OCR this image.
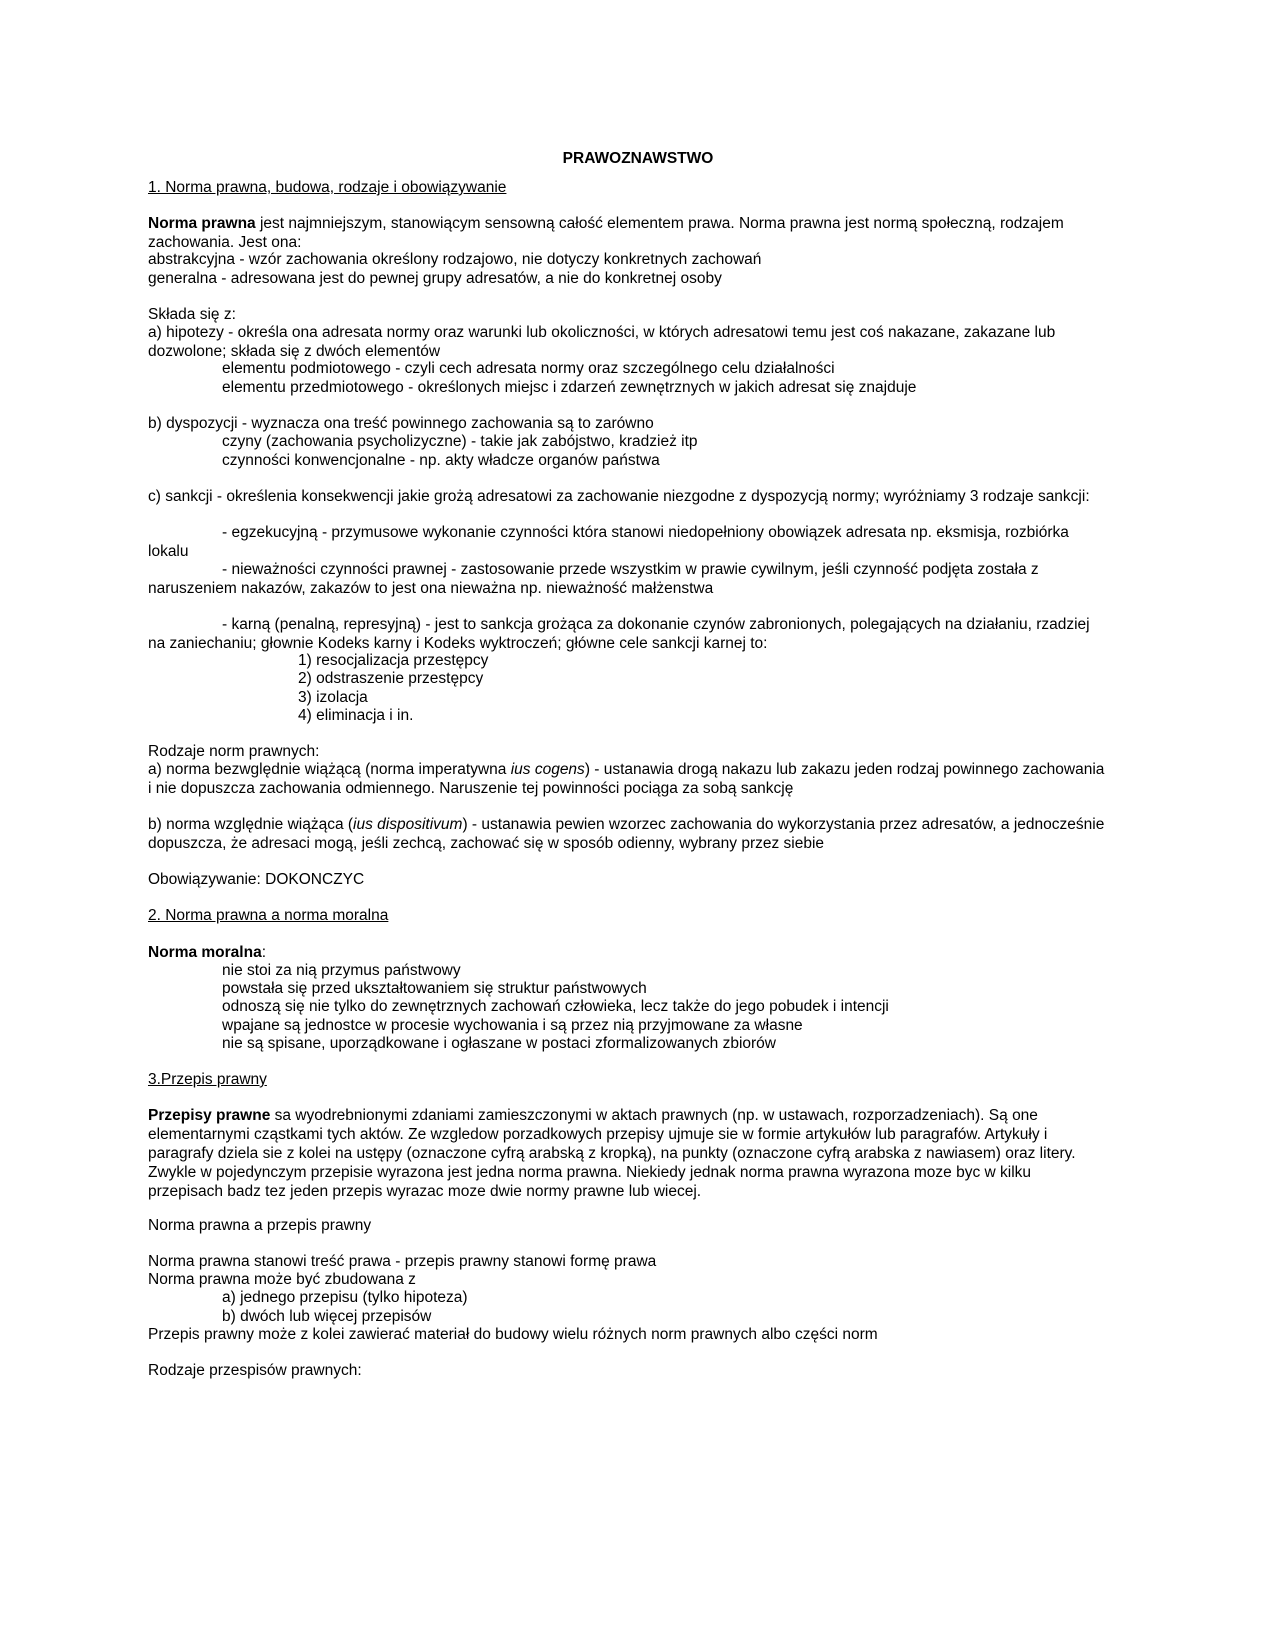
PRAWOZNAWSTWO
1. Norma prawna, budowa, rodzaje i obowiązywanie
Norma prawna jest najmniejszym, stanowiącym sensowną całość elementem prawa. Norma prawna jest normą społeczną, rodzajem zachowania. Jest ona:
abstrakcyjna - wzór zachowania określony rodzajowo, nie dotyczy konkretnych zachowań
generalna - adresowana jest do pewnej grupy adresatów, a nie do konkretnej osoby
Składa się z:
a) hipotezy - określa ona adresata normy oraz warunki lub okoliczności, w których adresatowi temu jest coś nakazane, zakazane lub dozwolone; składa się z dwóch elementów
elementu podmiotowego - czyli cech adresata normy oraz szczególnego celu działalności
elementu przedmiotowego - określonych miejsc i zdarzeń zewnętrznych w jakich adresat się znajduje
b) dyspozycji - wyznacza ona treść powinnego zachowania są to zarówno
czyny (zachowania psycholizyczne) - takie jak zabójstwo, kradzież itp
czynności konwencjonalne - np. akty władcze organów państwa
c) sankcji - określenia konsekwencji jakie grożą adresatowi za zachowanie niezgodne z dyspozycją normy; wyróżniamy 3 rodzaje sankcji:
- egzekucyjną - przymusowe wykonanie czynności która stanowi niedopełniony obowiązek adresata np. eksmisja, rozbiórka lokalu
- nieważności czynności prawnej - zastosowanie przede wszystkim w prawie cywilnym, jeśli czynność podjęta została z naruszeniem nakazów, zakazów to jest ona nieważna np. nieważność małżenstwa
- karną (penalną, represyjną) - jest to sankcja grożąca za dokonanie czynów zabronionych, polegających na działaniu, rzadziej na zaniechaniu; głownie Kodeks karny i Kodeks wyktroczeń; główne cele sankcji karnej to:
1) resocjalizacja przestępcy
2) odstraszenie przestępcy
3) izolacja
4) eliminacja i in.
Rodzaje norm prawnych:
a) norma bezwględnie wiążącą (norma imperatywna ius cogens) - ustanawia drogą nakazu lub zakazu jeden rodzaj powinnego zachowania i nie dopuszcza zachowania odmiennego. Naruszenie tej powinności pociąga za sobą sankcję
b) norma względnie wiążąca (ius dispositivum) - ustanawia pewien wzorzec zachowania do wykorzystania przez adresatów, a jednocześnie dopuszcza, że adresaci mogą, jeśli zechcą, zachować się w sposób odienny, wybrany przez siebie
Obowiązywanie: DOKONCZYC
2. Norma prawna a norma moralna
Norma moralna:
nie stoi za nią przymus państwowy
powstała się przed ukształtowaniem się struktur państwowych
odnoszą się nie tylko do zewnętrznych zachowań człowieka, lecz także do jego pobudek i intencji
wpajane są jednostce w procesie wychowania i są przez nią przyjmowane za własne
nie są spisane, uporządkowane i ogłaszane w postaci zformalizowanych zbiorów
3.Przepis prawny
Przepisy prawne sa wyodrebnionymi zdaniami zamieszczonymi w aktach prawnych (np. w ustawach, rozporzadzeniach). Są one elementarnymi cząstkami tych aktów. Ze wzgledow porzadkowych przepisy ujmuje sie w formie artykułów lub paragrafów. Artykuły i paragrafy dziela sie z kolei na ustępy (oznaczone cyfrą arabską z kropką), na punkty (oznaczone cyfrą arabska z nawiasem) oraz litery. Zwykle w pojedynczym przepisie wyrazona jest jedna norma prawna. Niekiedy jednak norma prawna wyrazona moze byc w kilku przepisach badz tez jeden przepis wyrazac moze dwie normy prawne lub wiecej.
Norma prawna a przepis prawny
Norma prawna stanowi treść prawa - przepis prawny stanowi formę prawa
Norma prawna może być zbudowana z
a) jednego przepisu (tylko hipoteza)
b) dwóch lub więcej przepisów
Przepis prawny może z kolei zawierać materiał do budowy wielu różnych norm prawnych albo części norm
Rodzaje przespisów prawnych:
